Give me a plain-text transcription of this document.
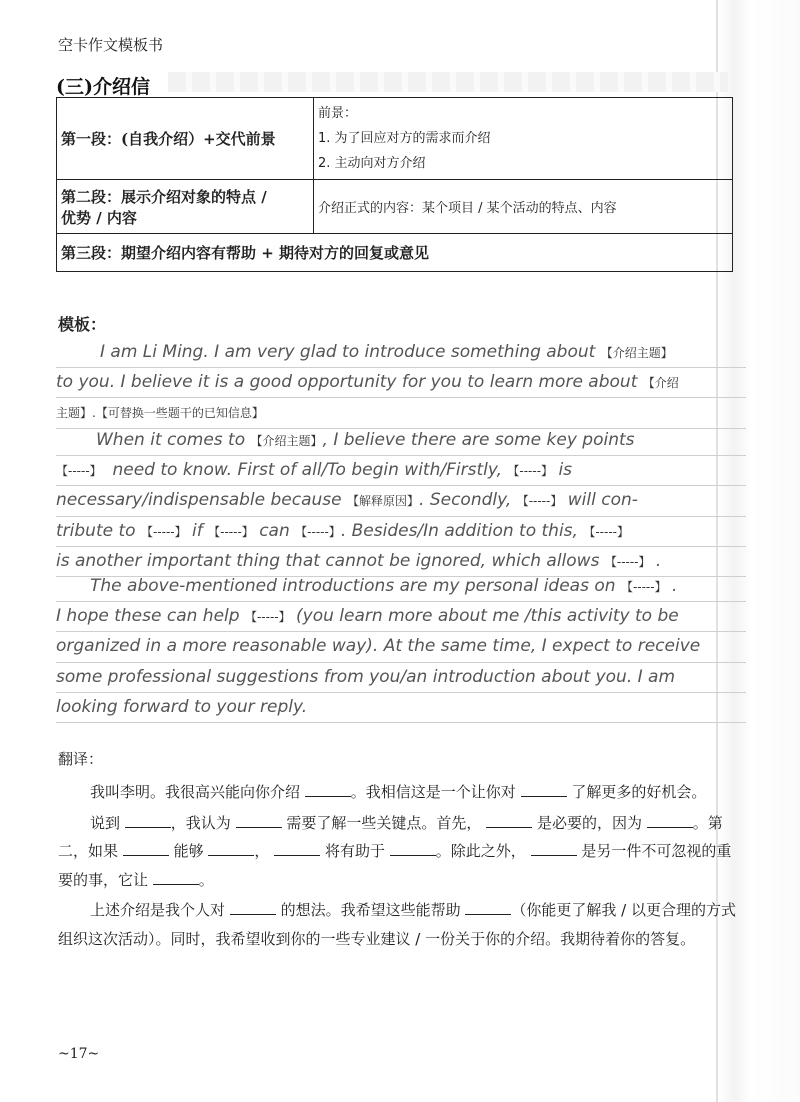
空卡作文模板书
(三)介绍信
第一段：(自我介绍）+交代前景	前景：
1. 为了回应对方的需求而介绍
2. 主动向对方介绍

第二段：展示介绍对象的特点 /
优势 / 内容	介绍正式的内容：某个项目 / 某个活动的特点、内容
第三段：期望介绍内容有帮助 + 期待对方的回复或意见	
模板：
I am Li Ming. I am very glad to introduce something about 【介绍主题】
to you. I believe it is a good opportunity for you to learn more about 【介绍
主题】.【可替换一些题干的已知信息】
When it comes to 【介绍主题】, I believe there are some key points
【-----】 need to know. First of all/To begin with/Firstly, 【-----】 is
necessary/indispensable because 【解释原因】. Secondly, 【-----】 will con-
tribute to 【-----】 if 【-----】 can 【-----】. Besides/In addition to this, 【-----】
is another important thing that cannot be ignored, which allows 【-----】 .
The above-mentioned introductions are my personal ideas on 【-----】 .
I hope these can help 【-----】 (you learn more about me /this activity to be
organized in a more reasonable way). At the same time, I expect to receive
some professional suggestions from you/an introduction about you. I am
looking forward to your reply.
翻译：

我叫李明。我很高兴能向你介绍	。我相信这是一个让你对	了解更多的好机会。

说到	，我认为	需要了解一些关键点。首先，	是必要的，因为	。第二，如果	能够	，	将有助于	。除此之外，	是另一件不可忽视的重要的事，它让	。

上述介绍是我个人对	的想法。我希望这些能帮助	（你能更了解我 / 以更合理的方式组织这次活动）。同时，我希望收到你的一些专业建议 / 一份关于你的介绍。我期待着你的答复。

~17~
